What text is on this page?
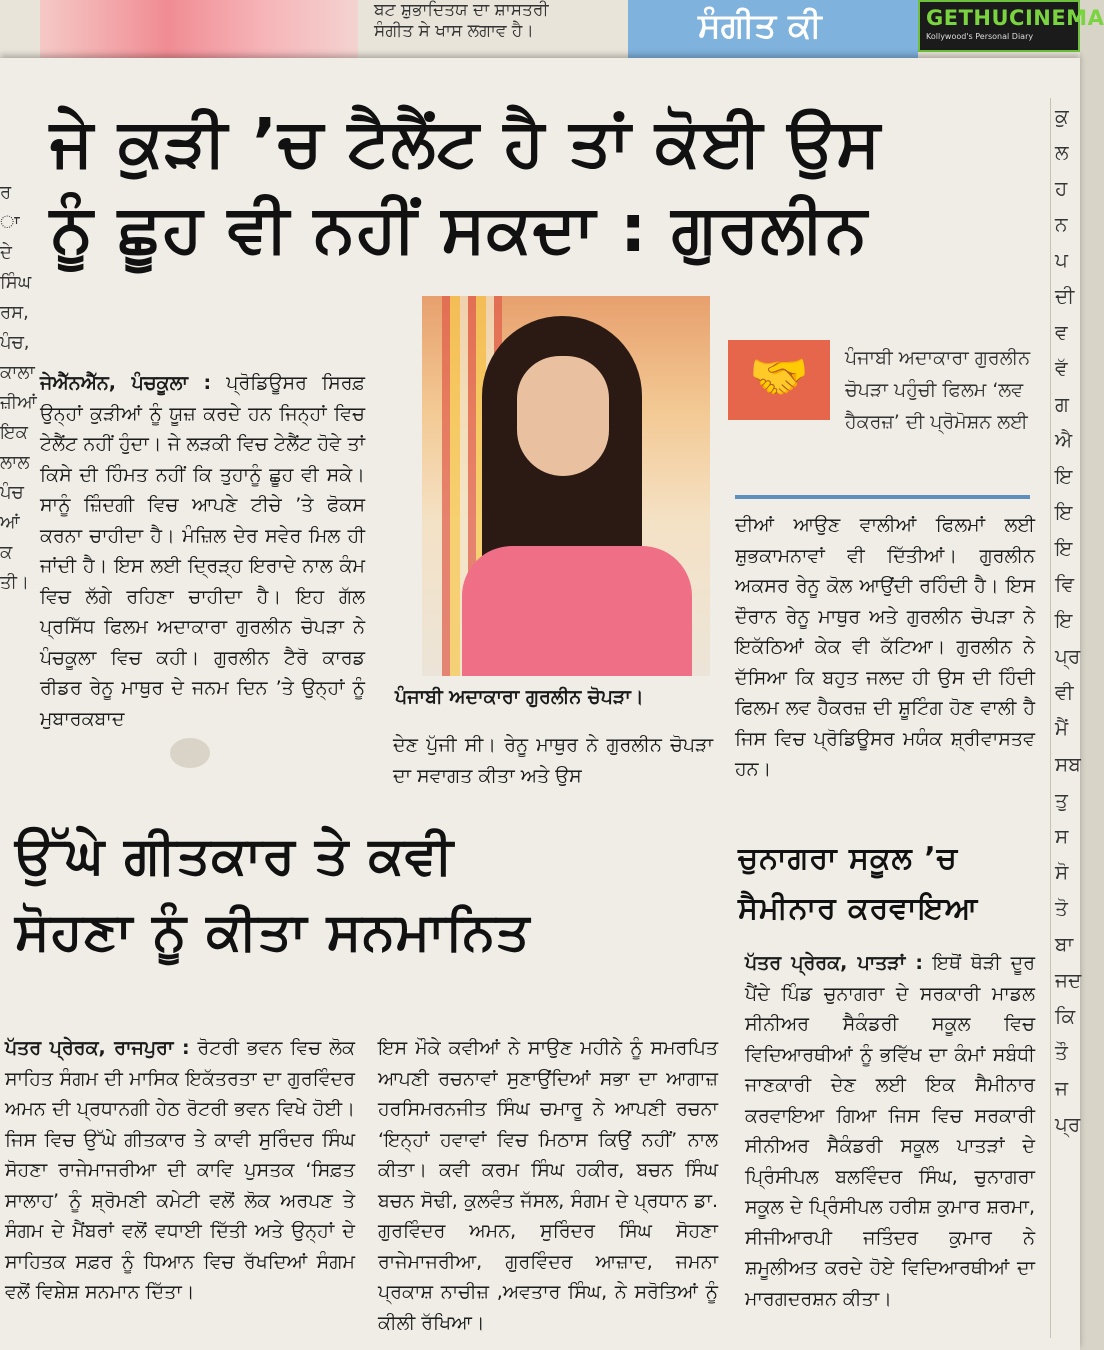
ਬਟ ਸ਼ੁਭਾਦਿਤਯ ਦਾ ਸ਼ਾਸਤਰੀ
ਸੰਗੀਤ ਸੇ ਖਾਸ ਲਗਾਵ ਹੈ।	ਸੰਗੀਤ ਕੀ	GETHUCINEMA
Kollywood's Personal Diary
ਰ
ਾ ਦੇ
ਸਿੰਘ
ਰਸ,
ਪੰਚ,
ਕਾਲਾ
ਜ਼ੀਆਂ
ਇਕ
ਲਾਲ
ਪੰਚ
ਆਂ
ਕ
ਤੀ।
ਕੁ
ਲ
ਹ
ਨ
ਪ
ਦੀ
ਵ
ਵੱ
ਗ
ਐ
ਇ
ਇ
ਇ
ਵਿ
ਇ
ਪ੍ਰ
ਵੀ
ਮੈਂ
ਸਬ
ਤੁ
ਸ
ਸੋ
ਤੋ
ਬਾ
ਜਦ
ਕਿ
ਤੌ
ਜ
ਪ੍ਰ
ਜੇ ਕੁੜੀ ’ਚ ਟੈਲੈਂਟ ਹੈ ਤਾਂ ਕੋਈ ਉਸ
ਨੂੰ ਛੂਹ ਵੀ ਨਹੀਂ ਸਕਦਾ : ਗੁਰਲੀਨ
ਜੇਐੱਨਐੱਨ, ਪੰਚਕੂਲਾ : ਪ੍ਰੋਡਿਊਸਰ ਸਿਰਫ਼ ਉਨ੍ਹਾਂ ਕੁੜੀਆਂ ਨੂੰ ਯੂਜ਼ ਕਰਦੇ ਹਨ ਜਿਨ੍ਹਾਂ ਵਿਚ ਟੇਲੈਂਟ ਨਹੀਂ ਹੁੰਦਾ। ਜੇ ਲੜਕੀ ਵਿਚ ਟੇਲੈਂਟ ਹੋਵੇ ਤਾਂ ਕਿਸੇ ਦੀ ਹਿੰਮਤ ਨਹੀਂ ਕਿ ਤੁਹਾਨੂੰ ਛੂਹ ਵੀ ਸਕੇ। ਸਾਨੂੰ ਜ਼ਿੰਦਗੀ ਵਿਚ ਆਪਣੇ ਟੀਚੇ ’ਤੇ ਫੋਕਸ ਕਰਨਾ ਚਾਹੀਦਾ ਹੈ। ਮੰਜ਼ਿਲ ਦੇਰ ਸਵੇਰ ਮਿਲ ਹੀ ਜਾਂਦੀ ਹੈ। ਇਸ ਲਈ ਦ੍ਰਿੜ੍ਹ ਇਰਾਦੇ ਨਾਲ ਕੰਮ ਵਿਚ ਲੱਗੇ ਰਹਿਣਾ ਚਾਹੀਦਾ ਹੈ। ਇਹ ਗੱਲ ਪ੍ਰਸਿੱਧ ਫਿਲਮ ਅਦਾਕਾਰਾ ਗੁਰਲੀਨ ਚੋਪੜਾ ਨੇ ਪੰਚਕੂਲਾ ਵਿਚ ਕਹੀ। ਗੁਰਲੀਨ ਟੈਰੋ ਕਾਰਡ ਰੀਡਰ ਰੇਨੂ ਮਾਥੁਰ ਦੇ ਜਨਮ ਦਿਨ ’ਤੇ ਉਨ੍ਹਾਂ ਨੂੰ ਮੁਬਾਰਕਬਾਦ
ਪੰਜਾਬੀ ਅਦਾਕਾਰਾ ਗੁਰਲੀਨ ਚੋਪੜਾ।
ਦੇਣ ਪੁੱਜੀ ਸੀ। ਰੇਨੂ ਮਾਥੁਰ ਨੇ ਗੁਰਲੀਨ ਚੋਪੜਾ ਦਾ ਸਵਾਗਤ ਕੀਤਾ ਅਤੇ ਉਸ
🤝	ਪੰਜਾਬੀ ਅਦਾਕਾਰਾ ਗੁਰਲੀਨ ਚੋਪੜਾ ਪਹੁੰਚੀ ਫਿਲਮ ‘ਲਵ ਹੈਕਰਜ਼’ ਦੀ ਪ੍ਰੋਮੋਸ਼ਨ ਲਈ
ਦੀਆਂ ਆਉਣ ਵਾਲੀਆਂ ਫਿਲਮਾਂ ਲਈ ਸ਼ੁਭਕਾਮਨਾਵਾਂ ਵੀ ਦਿੱਤੀਆਂ। ਗੁਰਲੀਨ ਅਕਸਰ ਰੇਨੂ ਕੋਲ ਆਉਂਦੀ ਰਹਿੰਦੀ ਹੈ। ਇਸ ਦੌਰਾਨ ਰੇਨੂ ਮਾਥੁਰ ਅਤੇ ਗੁਰਲੀਨ ਚੋਪੜਾ ਨੇ ਇਕੱਠਿਆਂ ਕੇਕ ਵੀ ਕੱਟਿਆ। ਗੁਰਲੀਨ ਨੇ ਦੱਸਿਆ ਕਿ ਬਹੁਤ ਜਲਦ ਹੀ ਉਸ ਦੀ ਹਿੰਦੀ ਫਿਲਮ ਲਵ ਹੈਕਰਜ਼ ਦੀ ਸ਼ੂਟਿੰਗ ਹੋਣ ਵਾਲੀ ਹੈ ਜਿਸ ਵਿਚ ਪ੍ਰੋਡਿਊਸਰ ਮਯੰਕ ਸ਼੍ਰੀਵਾਸਤਵ ਹਨ।
ਉੱਘੇ ਗੀਤਕਾਰ ਤੇ ਕਵੀ
ਸੋਹਣਾ ਨੂੰ ਕੀਤਾ ਸਨਮਾਨਿਤ
ਪੱਤਰ ਪ੍ਰੇਰਕ, ਰਾਜਪੁਰਾ : ਰੋਟਰੀ ਭਵਨ ਵਿਚ ਲੋਕ ਸਾਹਿਤ ਸੰਗਮ ਦੀ ਮਾਸਿਕ ਇਕੱਤਰਤਾ ਦਾ ਗੁਰਵਿੰਦਰ ਅਮਨ ਦੀ ਪ੍ਰਧਾਨਗੀ ਹੇਠ ਰੋਟਰੀ ਭਵਨ ਵਿਖੇ ਹੋਈ। ਜਿਸ ਵਿਚ ਉੱਘੇ ਗੀਤਕਾਰ ਤੇ ਕਾਵੀ ਸੁਰਿੰਦਰ ਸਿੰਘ ਸੋਹਣਾ ਰਾਜੇਮਾਜਰੀਆ ਦੀ ਕਾਵਿ ਪੁਸਤਕ ‘ਸਿਫ਼ਤ ਸਾਲਾਹ’ ਨੂੰ ਸ਼੍ਰੋਮਣੀ ਕਮੇਟੀ ਵਲੋਂ ਲੋਕ ਅਰਪਣ ਤੇ ਸੰਗਮ ਦੇ ਮੈਂਬਰਾਂ ਵਲੋਂ ਵਧਾਈ ਦਿੱਤੀ ਅਤੇ ਉਨ੍ਹਾਂ ਦੇ ਸਾਹਿਤਕ ਸਫ਼ਰ ਨੂੰ ਧਿਆਨ ਵਿਚ ਰੱਖਦਿਆਂ ਸੰਗਮ ਵਲੋਂ ਵਿਸ਼ੇਸ਼ ਸਨਮਾਨ ਦਿੱਤਾ।
ਇਸ ਮੌਕੇ ਕਵੀਆਂ ਨੇ ਸਾਉਣ ਮਹੀਨੇ ਨੂੰ ਸਮਰਪਿਤ ਆਪਣੀ ਰਚਨਾਵਾਂ ਸੁਣਾਉਂਦਿਆਂ ਸਭਾ ਦਾ ਆਗਾਜ਼ ਹਰਸਿਮਰਨਜੀਤ ਸਿੰਘ ਚਮਾਰੂ ਨੇ ਆਪਣੀ ਰਚਨਾ ‘ਇਨ੍ਹਾਂ ਹਵਾਵਾਂ ਵਿਚ ਮਿਠਾਸ ਕਿਉਂ ਨਹੀਂ’ ਨਾਲ ਕੀਤਾ। ਕਵੀ ਕਰਮ ਸਿੰਘ ਹਕੀਰ, ਬਚਨ ਸਿੰਘ ਬਚਨ ਸੋਢੀ, ਕੁਲਵੰਤ ਜੱਸਲ, ਸੰਗਮ ਦੇ ਪ੍ਰਧਾਨ ਡਾ. ਗੁਰਵਿੰਦਰ ਅਮਨ, ਸੁਰਿੰਦਰ ਸਿੰਘ ਸੋਹਣਾ ਰਾਜੇਮਾਜਰੀਆ, ਗੁਰਵਿੰਦਰ ਆਜ਼ਾਦ, ਜਮਨਾ ਪ੍ਰਕਾਸ਼ ਨਾਚੀਜ਼ ,ਅਵਤਾਰ ਸਿੰਘ, ਨੇ ਸਰੋਤਿਆਂ ਨੂੰ ਕੀਲੀ ਰੱਖਿਆ।
ਚੁਨਾਗਰਾ ਸਕੂਲ ’ਚ
ਸੈਮੀਨਾਰ ਕਰਵਾਇਆ
ਪੱਤਰ ਪ੍ਰੇਰਕ, ਪਾਤੜਾਂ : ਇਥੋਂ ਥੋੜੀ ਦੂਰ ਪੈਂਦੇ ਪਿੰਡ ਚੁਨਾਗਰਾ ਦੇ ਸਰਕਾਰੀ ਮਾਡਲ ਸੀਨੀਅਰ ਸੈਕੰਡਰੀ ਸਕੂਲ ਵਿਚ ਵਿਦਿਆਰਥੀਆਂ ਨੂੰ ਭਵਿੱਖ ਦਾ ਕੰਮਾਂ ਸਬੰਧੀ ਜਾਣਕਾਰੀ ਦੇਣ ਲਈ ਇਕ ਸੈਮੀਨਾਰ ਕਰਵਾਇਆ ਗਿਆ ਜਿਸ ਵਿਚ ਸਰਕਾਰੀ ਸੀਨੀਅਰ ਸੈਕੰਡਰੀ ਸਕੂਲ ਪਾਤੜਾਂ ਦੇ ਪ੍ਰਿੰਸੀਪਲ ਬਲਵਿੰਦਰ ਸਿੰਘ, ਚੁਨਾਗਰਾ ਸਕੂਲ ਦੇ ਪ੍ਰਿੰਸੀਪਲ ਹਰੀਸ਼ ਕੁਮਾਰ ਸ਼ਰਮਾ, ਸੀਜੀਆਰਪੀ ਜਤਿੰਦਰ ਕੁਮਾਰ ਨੇ ਸ਼ਮੂਲੀਅਤ ਕਰਦੇ ਹੋਏ ਵਿਦਿਆਰਥੀਆਂ ਦਾ ਮਾਰਗਦਰਸ਼ਨ ਕੀਤਾ।
